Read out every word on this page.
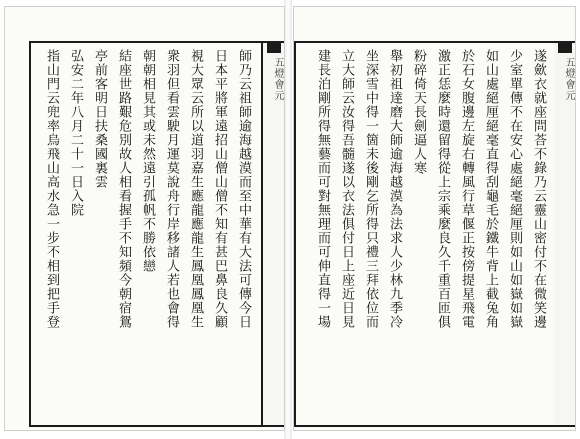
師乃云祖師逾海越漠而至中華有大法可傳今日
日本平將軍遠招山僧山僧不知有甚巴鼻良久顧
視大眾云所以道羽嘉生應龍應龍生鳳凰鳳凰生
衆羽但看雲駛月運莫說舟行岸移諸人若也會得
朝朝相見其或未然遠引孤帆不勝依戀
結座世路艱危別故人相看握手不知頻今朝宿鴛
亭前客明日扶桑國裏雲
弘安二年八月二十一日入院
指山門云兜率烏飛山高水急一步不相到把手登	五燈會元	遂歛衣就座問荅不錄乃云靈山密付不在微笑邊
少室單傳不在安心處絕毫絕厘則如山如嶽如嶽
如山處絕厘絕毫直得刮龜毛於鐵牛背上截兔角
於石女腹邊左旋右轉風行草偃正按傍提星飛電
激正恁麼時還留得從上宗乘麼良久千重百匝俱
粉碎倚天長劍逼人寒
舉初祖達磨大師逾海越漠為法求人少林九季冷
坐深雪中得一箇未後剛乞所得只禮三拜依位而
立大師云汝得吾髓遂以衣法俱付日上座近日見
建長泊剛所得無藝而可對無理而可伸直得一場	五燈會元
